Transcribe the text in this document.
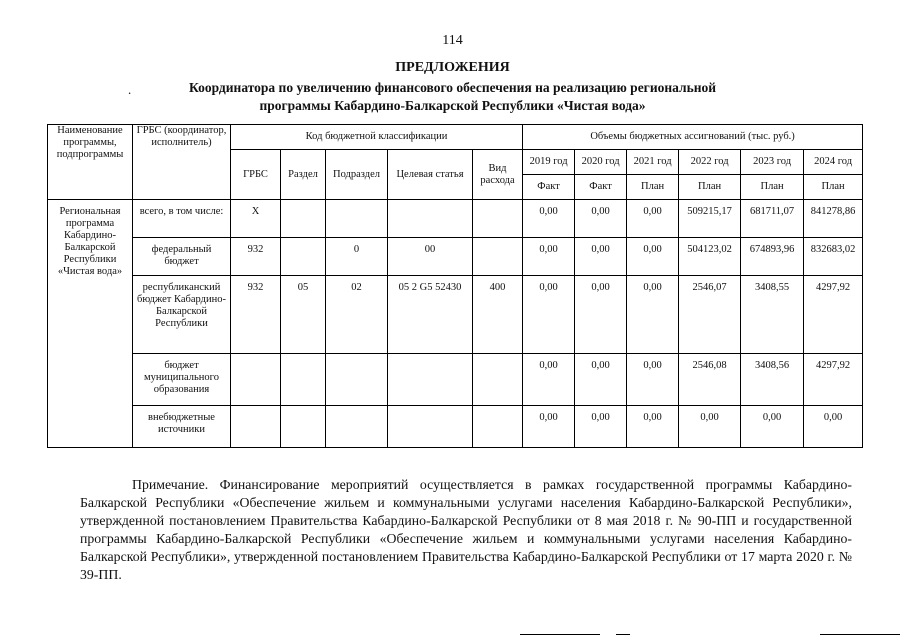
114
ПРЕДЛОЖЕНИЯ
.	Координатора по увеличению финансового обеспечения на реализацию региональной
программы Кабардино-Балкарской Республики «Чистая вода»
Наименование программы, подпрограммы	ГРБС (координатор, исполнитель)	Код бюджетной классификации					Объемы бюджетных ассигнований (тыс. руб.)					
		ГРБС	Раздел	Подраздел	Целевая статья	Вид расхода	2019 год	2020 год	2021 год	2022 год	2023 год	2024 год
							Факт	Факт	План	План	План	План
Региональная программа Кабардино-Балкарской Республики «Чистая вода»	всего, в том числе:	X					0,00	0,00	0,00	509215,17	681711,07	841278,86
	федеральный бюджет	932		0	00		0,00	0,00	0,00	504123,02	674893,96	832683,02
	республиканский бюджет Кабардино-Балкарской Республики	932	05	02	05 2 G5 52430	400	0,00	0,00	0,00	2546,07	3408,55	4297,92
	бюджет муниципального образования						0,00	0,00	0,00	2546,08	3408,56	4297,92
	внебюджетные источники						0,00	0,00	0,00	0,00	0,00	0,00
Примечание. Финансирование мероприятий осуществляется в рамках государственной программы Кабардино-Балкарской Республики «Обеспечение жильем и коммунальными услугами населения Кабардино-Балкарской Республики», утвержденной постановлением Правительства Кабардино-Балкарской Республики от 8 мая 2018 г. № 90-ПП и государственной программы Кабардино-Балкарской Республики «Обеспечение жильем и коммунальными услугами населения Кабардино-Балкарской Республики», утвержденной постановлением Правительства Кабардино-Балкарской Республики от 17 марта 2020 г. № 39-ПП.
